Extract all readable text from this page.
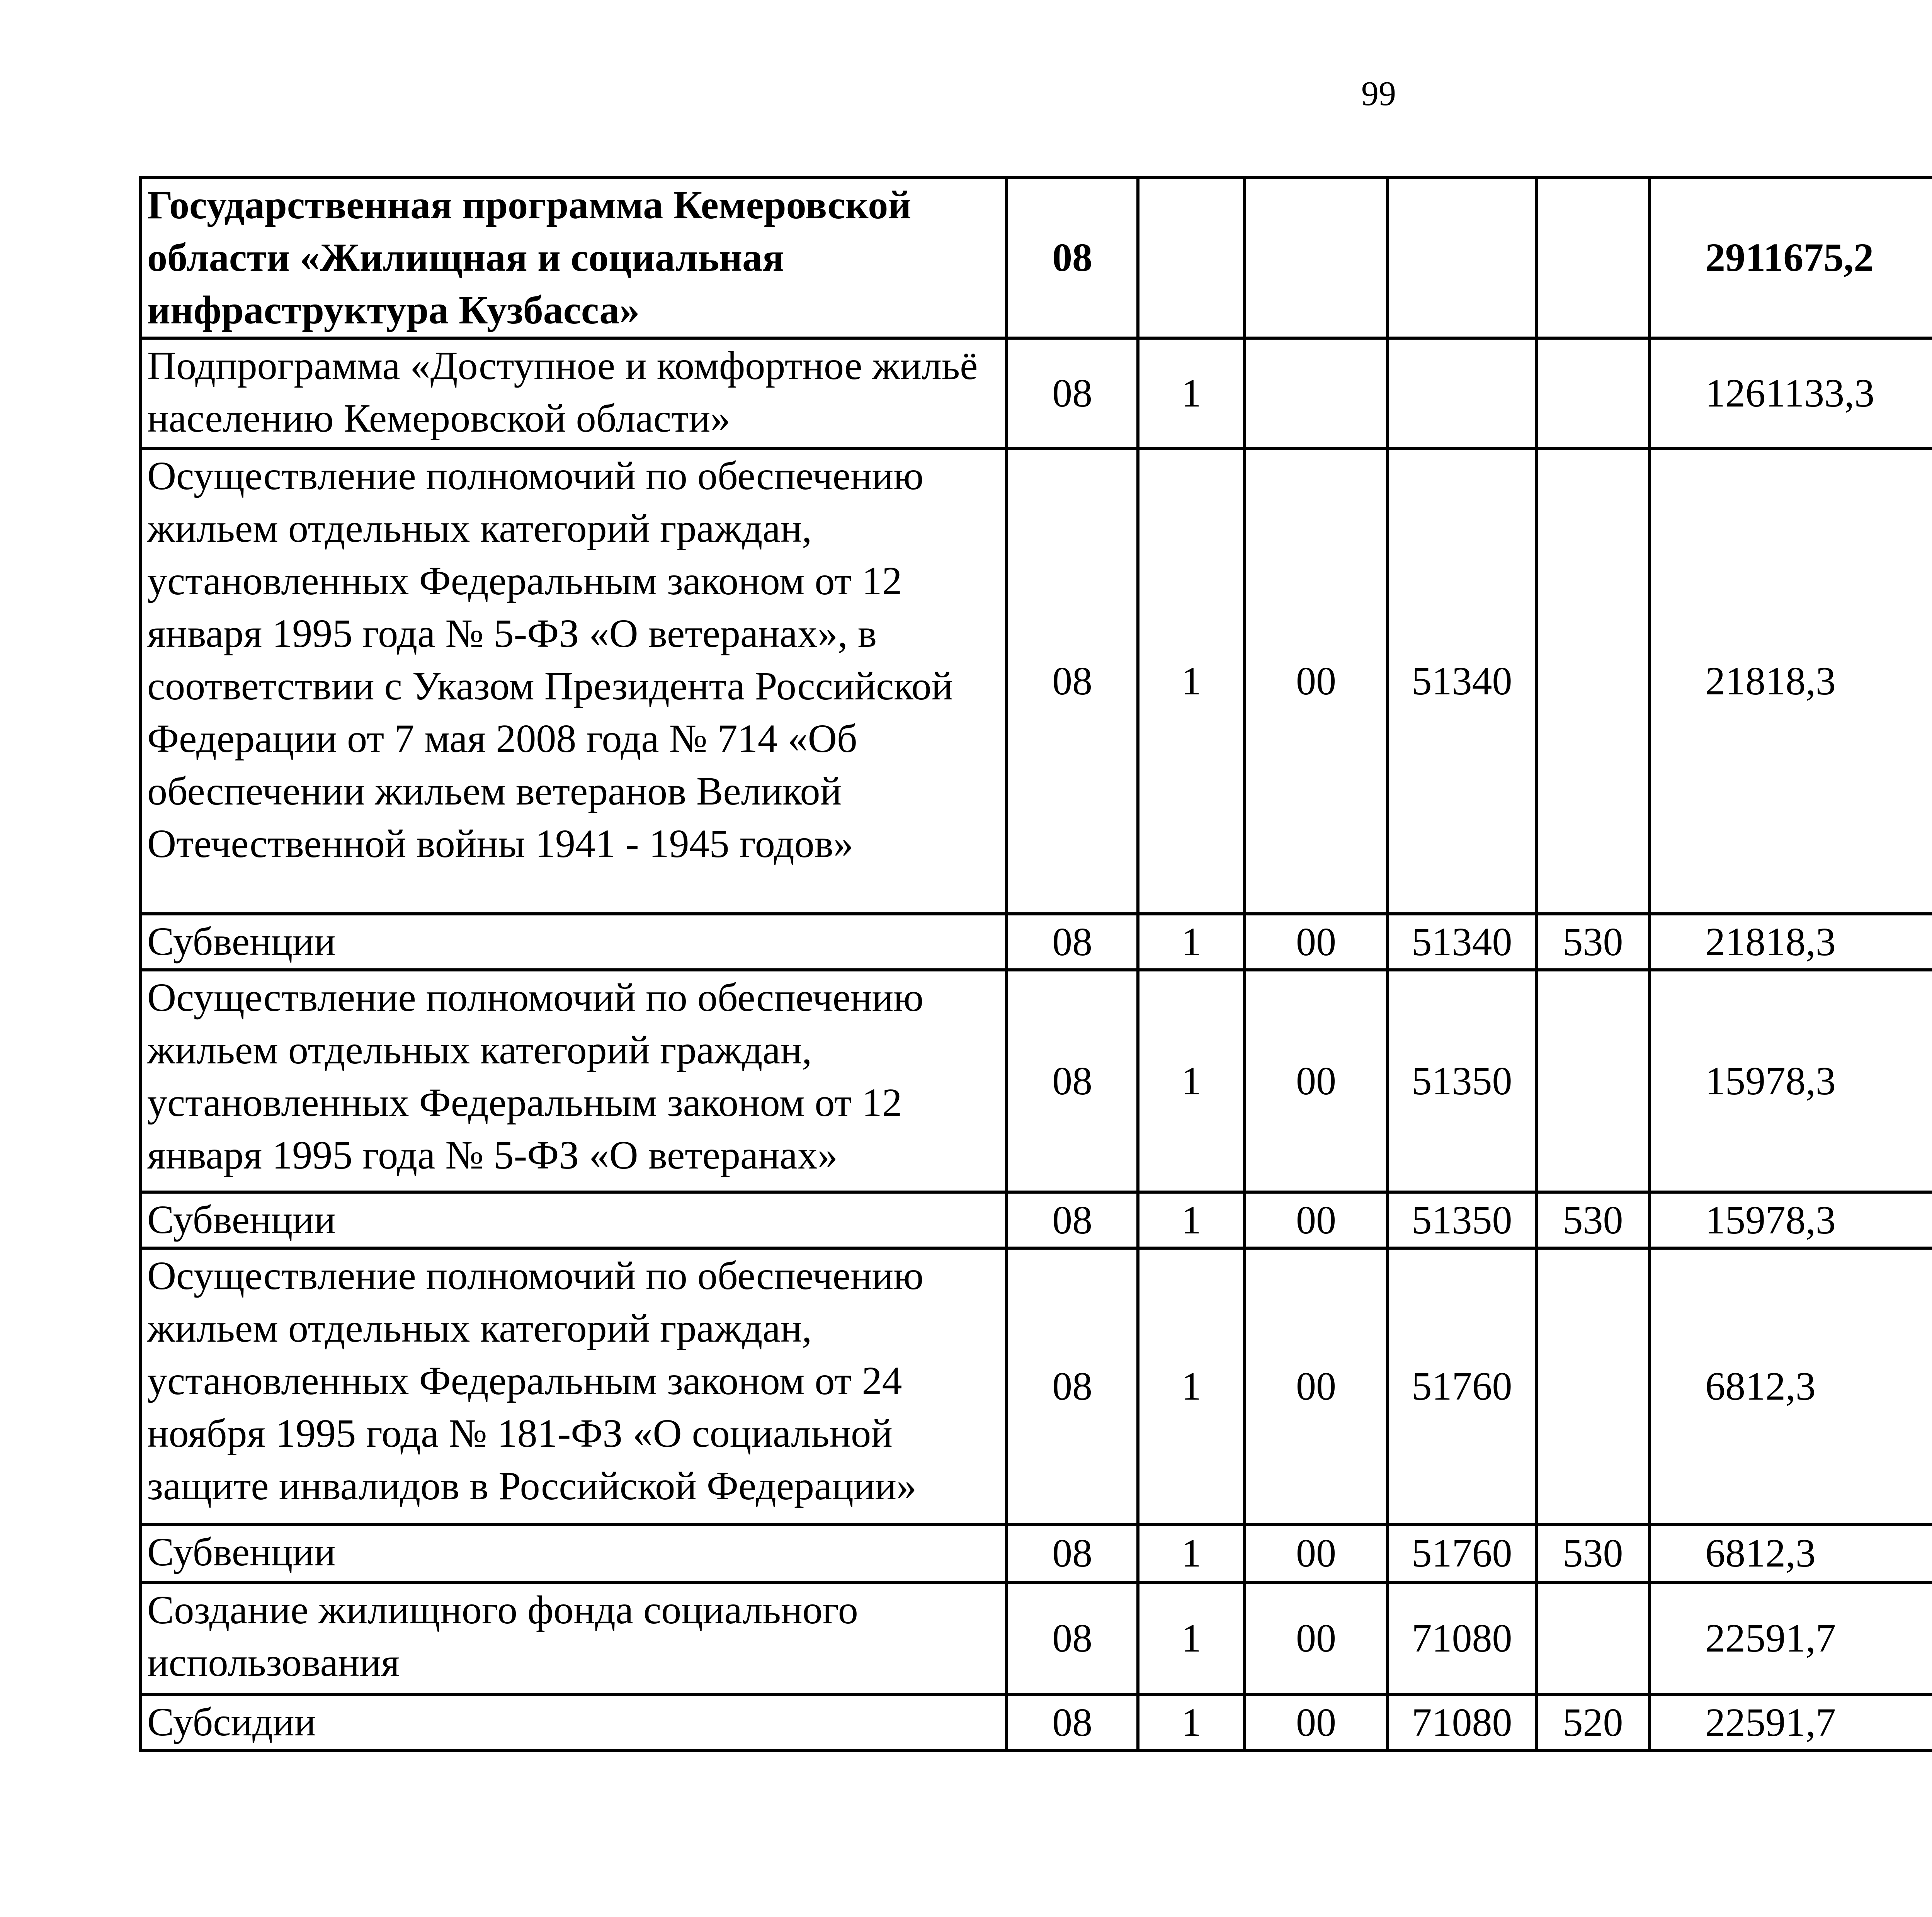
99
Государственная программа Кемеровской области «Жилищная и социальная инфраструктура Кузбасса»	08					2911675,2		
Подпрограмма «Доступное и комфортное жильё населению Кемеровской области»	08	1				1261133,3		
Осуществление полномочий по обеспечению жильем отдельных категорий граждан, установленных Федеральным законом от 12 января 1995 года № 5-ФЗ «О ветеранах», в соответствии с Указом Президента Российской Федерации от 7 мая 2008 года № 714 «Об обеспечении жильем ветеранов Великой Отечественной войны 1941 - 1945 годов»	08	1	00	51340		21818,3		
Субвенции	08	1	00	51340	530	21818,3		
Осуществление полномочий по обеспечению жильем отдельных категорий граждан, установленных Федеральным законом от 12 января 1995 года № 5-ФЗ «О ветеранах»	08	1	00	51350		15978,3		
Субвенции	08	1	00	51350	530	15978,3		
Осуществление полномочий по обеспечению жильем отдельных категорий граждан, установленных Федеральным законом от 24 ноября 1995 года № 181-ФЗ «О социальной защите инвалидов в Российской Федерации»	08	1	00	51760		6812,3		
Субвенции	08	1	00	51760	530	6812,3		
Создание жилищного фонда социального использования	08	1	00	71080		22591,7		
Субсидии	08	1	00	71080	520	22591,7		
